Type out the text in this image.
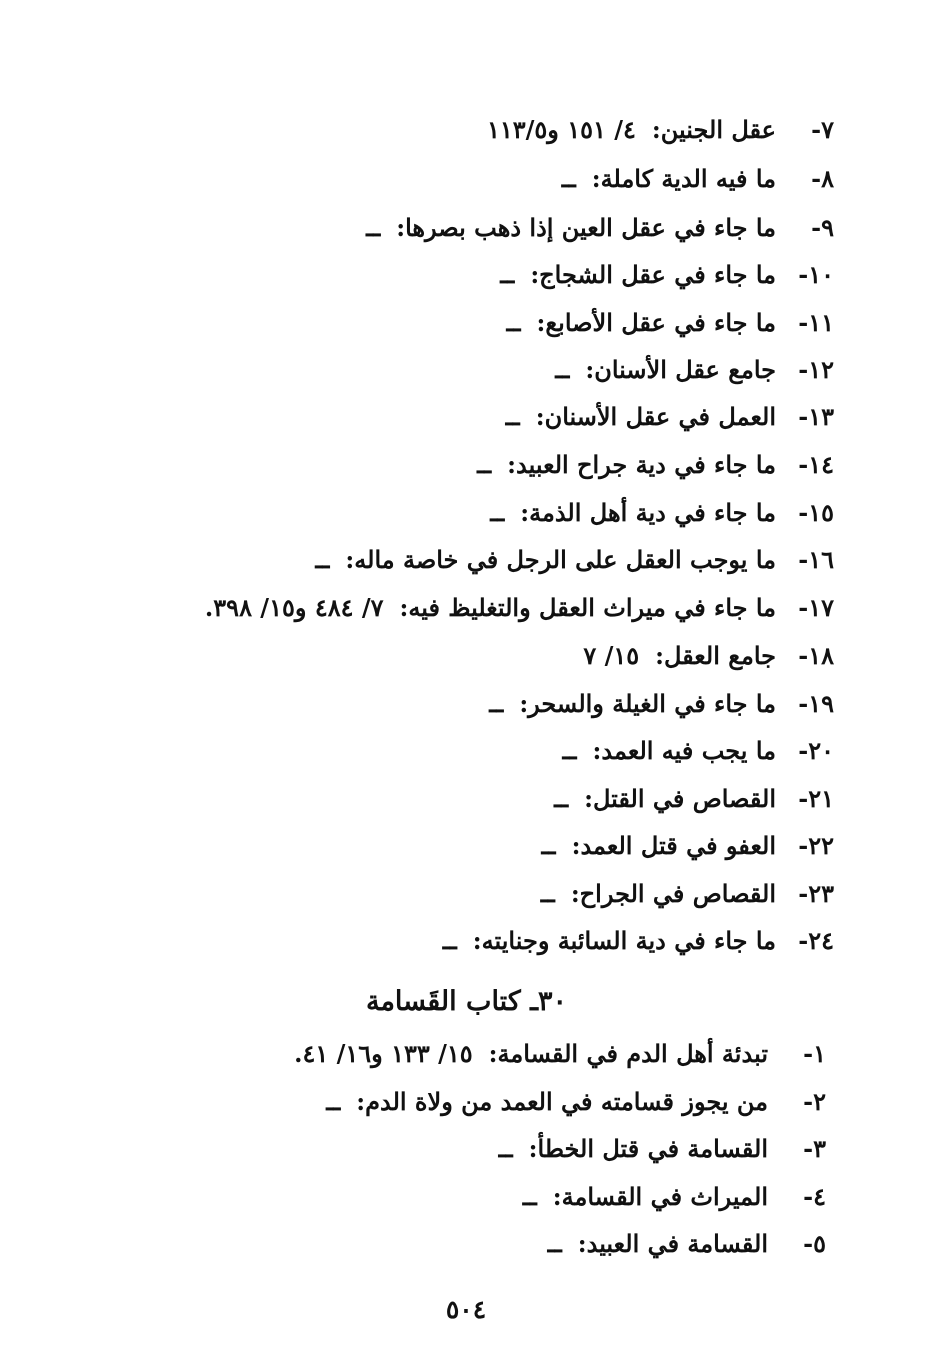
٧-عقل الجنين:٤/ ١٥١ و١١٣/٥
٨-ما فيه الدية كاملة:ــ
٩-ما جاء في عقل العين إذا ذهب بصرها:ــ
١٠-ما جاء في عقل الشجاج:ــ
١١-ما جاء في عقل الأصابع:ــ
١٢-جامع عقل الأسنان:ــ
١٣-العمل في عقل الأسنان:ــ
١٤-ما جاء في دية جراح العبيد:ــ
١٥-ما جاء في دية أهل الذمة:ــ
١٦-ما يوجب العقل على الرجل في خاصة ماله:ــ
١٧-ما جاء في ميراث العقل والتغليظ فيه:٧/ ٤٨٤ و١٥/ ٣٩٨.
١٨-جامع العقل:١٥/ ٧
١٩-ما جاء في الغيلة والسحر:ــ
٢٠-ما يجب فيه العمد:ــ
٢١-القصاص في القتل:ــ
٢٢-العفو في قتل العمد:ــ
٢٣-القصاص في الجراح:ــ
٢٤-ما جاء في دية السائبة وجنايته:ــ
٣٠ـ كتاب القَسامة
١-تبدئة أهل الدم في القسامة:١٥/ ١٣٣ و١٦/ ٤١.
٢-من يجوز قسامته في العمد من ولاة الدم:ــ
٣-القسامة في قتل الخطأ:ــ
٤-الميراث في القسامة:ــ
٥-القسامة في العبيد:ــ
٥٠٤
